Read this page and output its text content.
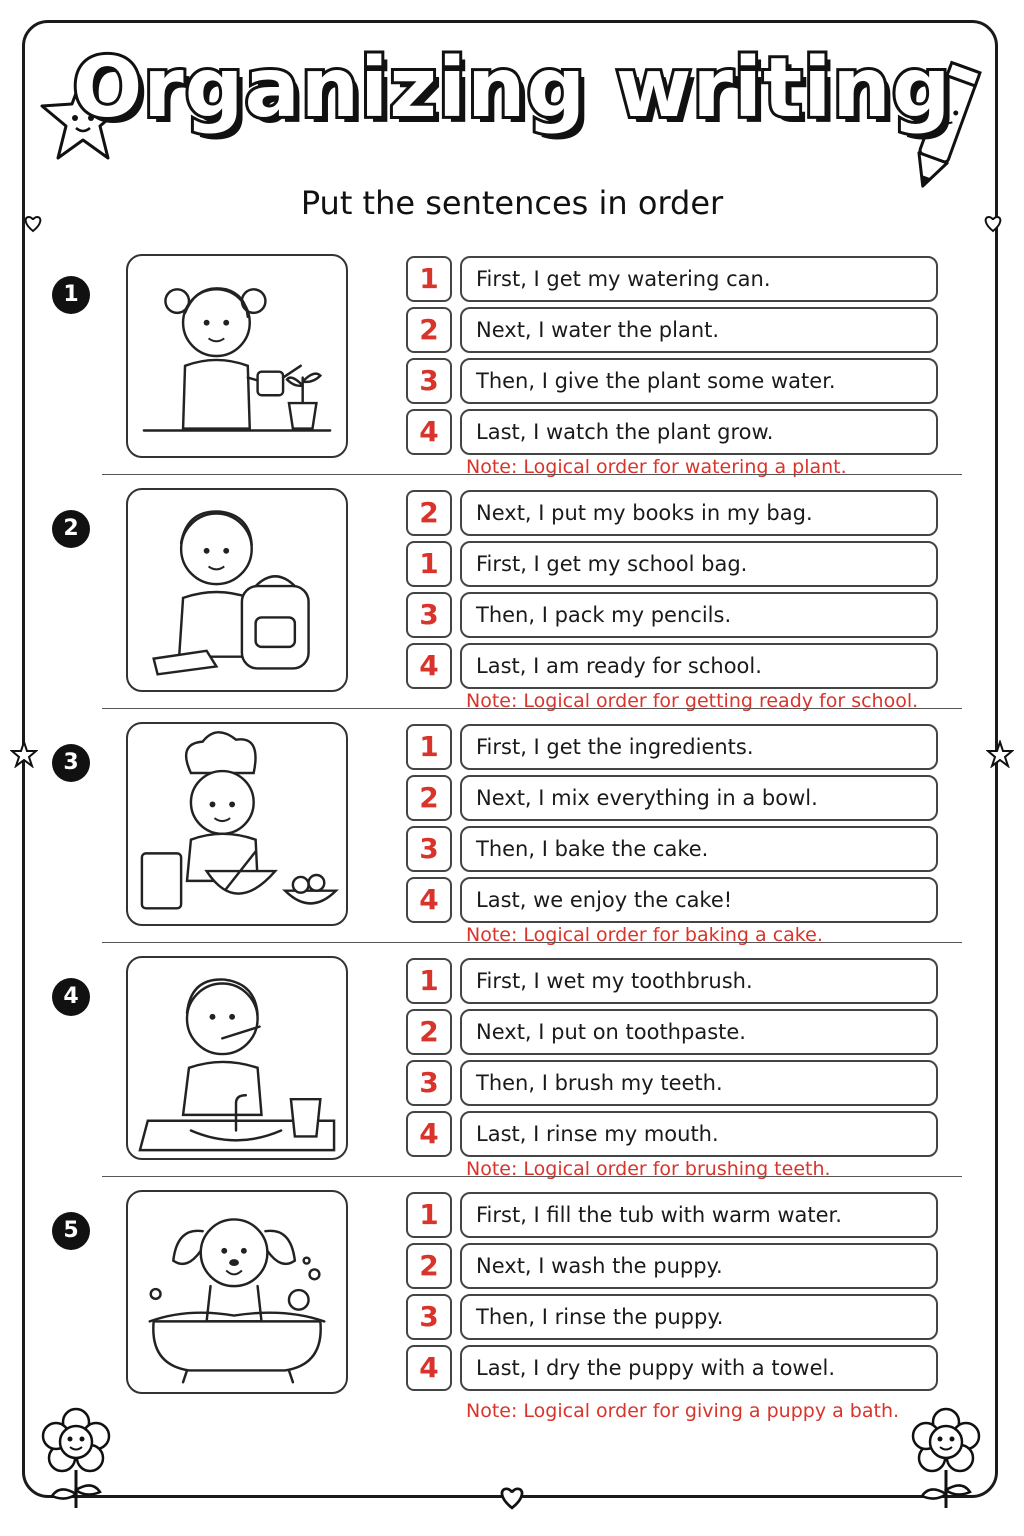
Organizing writing
Put the sentences in order
1	1	First, I get my watering can.
2	Next, I water the plant.
3	Then, I give the plant some water.
4	Last, I watch the plant grow.
Note: Logical order for watering a plant.
2	2	Next, I put my books in my bag.
1	First, I get my school bag.
3	Then, I pack my pencils.
4	Last, I am ready for school.
Note: Logical order for getting ready for school.
3	1	First, I get the ingredients.
2	Next, I mix everything in a bowl.
3	Then, I bake the cake.
4	Last, we enjoy the cake!
Note: Logical order for baking a cake.
4	1	First, I wet my toothbrush.
2	Next, I put on toothpaste.
3	Then, I brush my teeth.
4	Last, I rinse my mouth.
Note: Logical order for brushing teeth.
5	1	First, I fill the tub with warm water.
2	Next, I wash the puppy.
3	Then, I rinse the puppy.
4	Last, I dry the puppy with a towel.
Note: Logical order for giving a puppy a bath.
